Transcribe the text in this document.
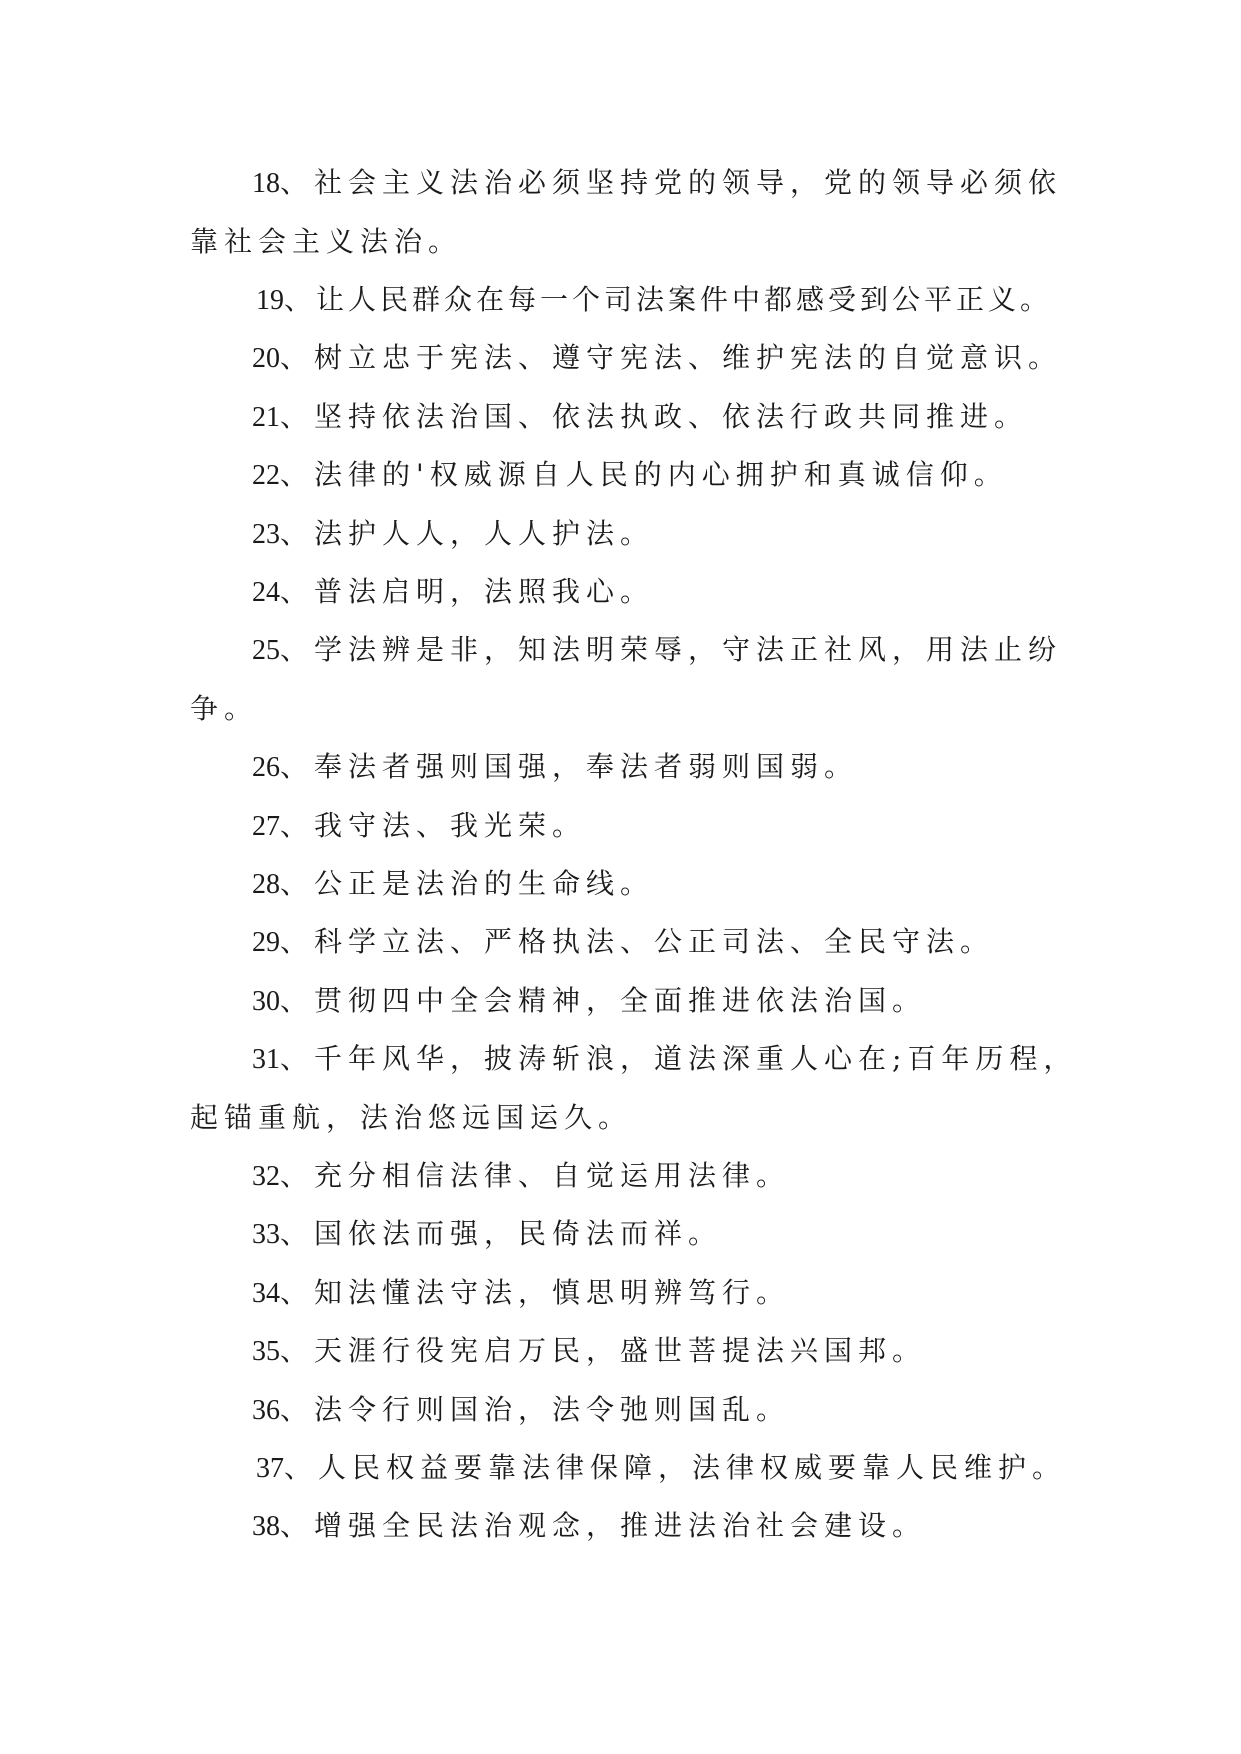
18、社会主义法治必须坚持党的领导，党的领导必须依
靠社会主义法治。
19、让人民群众在每一个司法案件中都感受到公平正义。
20、树立忠于宪法、遵守宪法、维护宪法的自觉意识。
21、坚持依法治国、依法执政、依法行政共同推进。
22、法律的'权威源自人民的内心拥护和真诚信仰。
23、法护人人，人人护法。
24、普法启明，法照我心。
25、学法辨是非，知法明荣辱，守法正社风，用法止纷
争。
26、奉法者强则国强，奉法者弱则国弱。
27、我守法、我光荣。
28、公正是法治的生命线。
29、科学立法、严格执法、公正司法、全民守法。
30、贯彻四中全会精神，全面推进依法治国。
31、千年风华，披涛斩浪，道法深重人心在;百年历程，
起锚重航，法治悠远国运久。
32、充分相信法律、自觉运用法律。
33、国依法而强，民倚法而祥。
34、知法懂法守法，慎思明辨笃行。
35、天涯行役宪启万民，盛世菩提法兴国邦。
36、法令行则国治，法令弛则国乱。
37、人民权益要靠法律保障，法律权威要靠人民维护。
38、增强全民法治观念，推进法治社会建设。
